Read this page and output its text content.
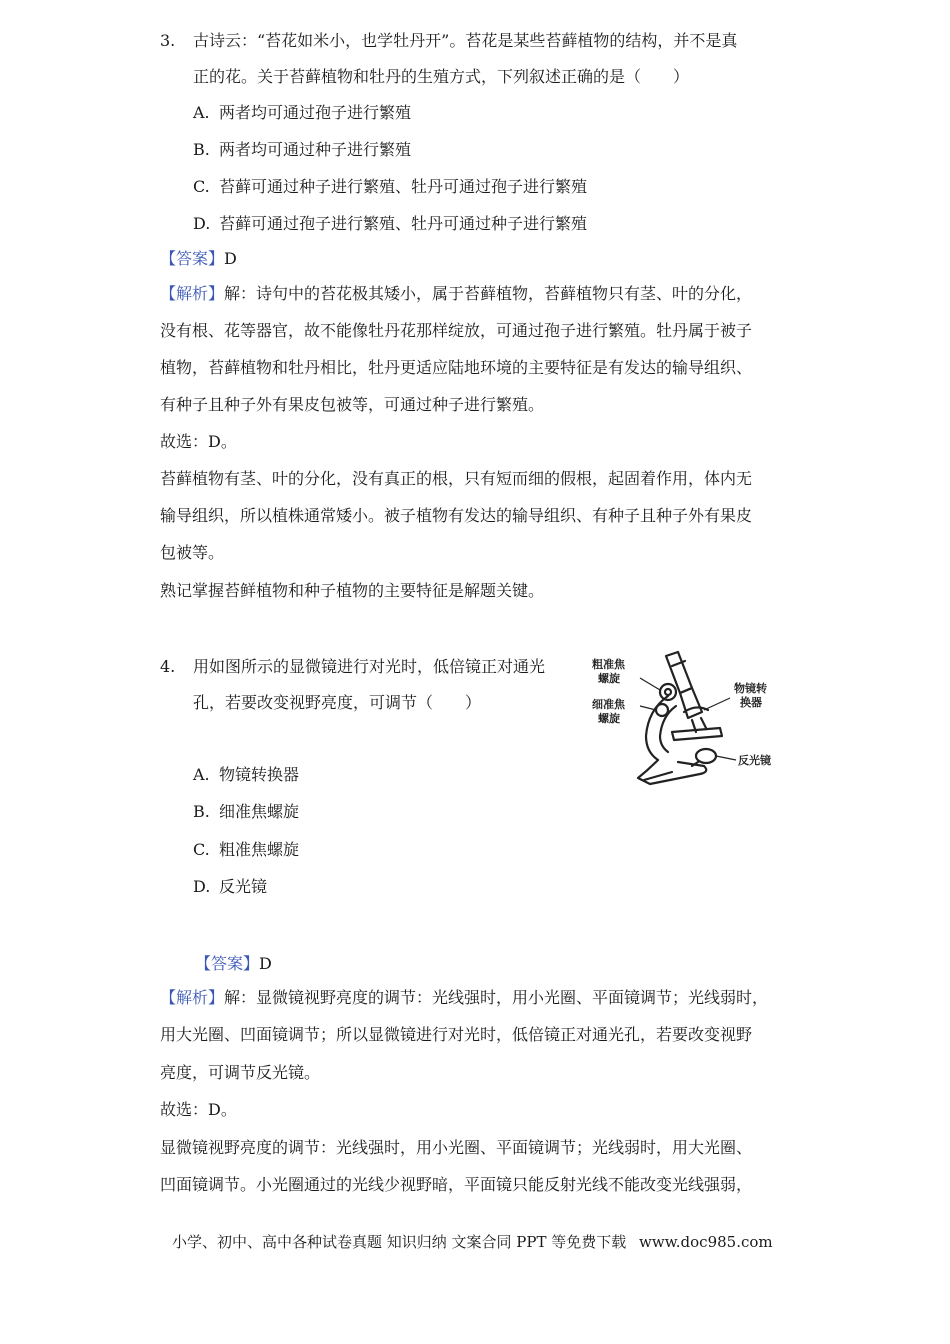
3. 古诗云：“苔花如米小，也学牡丹开”。苔花是某些苔藓植物的结构，并不是真
正的花。关于苔藓植物和牡丹的生殖方式，下列叙述正确的是（　　）
A. 两者均可通过孢子进行繁殖
B. 两者均可通过种子进行繁殖
C. 苔藓可通过种子进行繁殖、牡丹可通过孢子进行繁殖
D. 苔藓可通过孢子进行繁殖、牡丹可通过种子进行繁殖
【答案】D
【解析】解：诗句中的苔花极其矮小，属于苔藓植物，苔藓植物只有茎、叶的分化，
没有根、花等器官，故不能像牡丹花那样绽放，可通过孢子进行繁殖。牡丹属于被子
植物，苔藓植物和牡丹相比，牡丹更适应陆地环境的主要特征是有发达的输导组织、
有种子且种子外有果皮包被等，可通过种子进行繁殖。
故选：D。
苔藓植物有茎、叶的分化，没有真正的根，只有短而细的假根，起固着作用，体内无
输导组织，所以植株通常矮小。被子植物有发达的输导组织、有种子且种子外有果皮
包被等。
熟记掌握苔鲜植物和种子植物的主要特征是解题关键。
4. 用如图所示的显微镜进行对光时，低倍镜正对通光
孔，若要改变视野亮度，可调节（　　）
粗准焦
螺旋
细准焦
螺旋
物镜转
换器
反光镜
A. 物镜转换器
B. 细准焦螺旋
C. 粗准焦螺旋
D. 反光镜
【答案】D
【解析】解：显微镜视野亮度的调节：光线强时，用小光圈、平面镜调节；光线弱时，
用大光圈、凹面镜调节；所以显微镜进行对光时，低倍镜正对通光孔，若要改变视野
亮度，可调节反光镜。
故选：D。
显微镜视野亮度的调节：光线强时，用小光圈、平面镜调节；光线弱时，用大光圈、
凹面镜调节。小光圈通过的光线少视野暗，平面镜只能反射光线不能改变光线强弱，
小学、初中、高中各种试卷真题 知识归纳 文案合同 PPT 等免费下载 www.doc985.com
